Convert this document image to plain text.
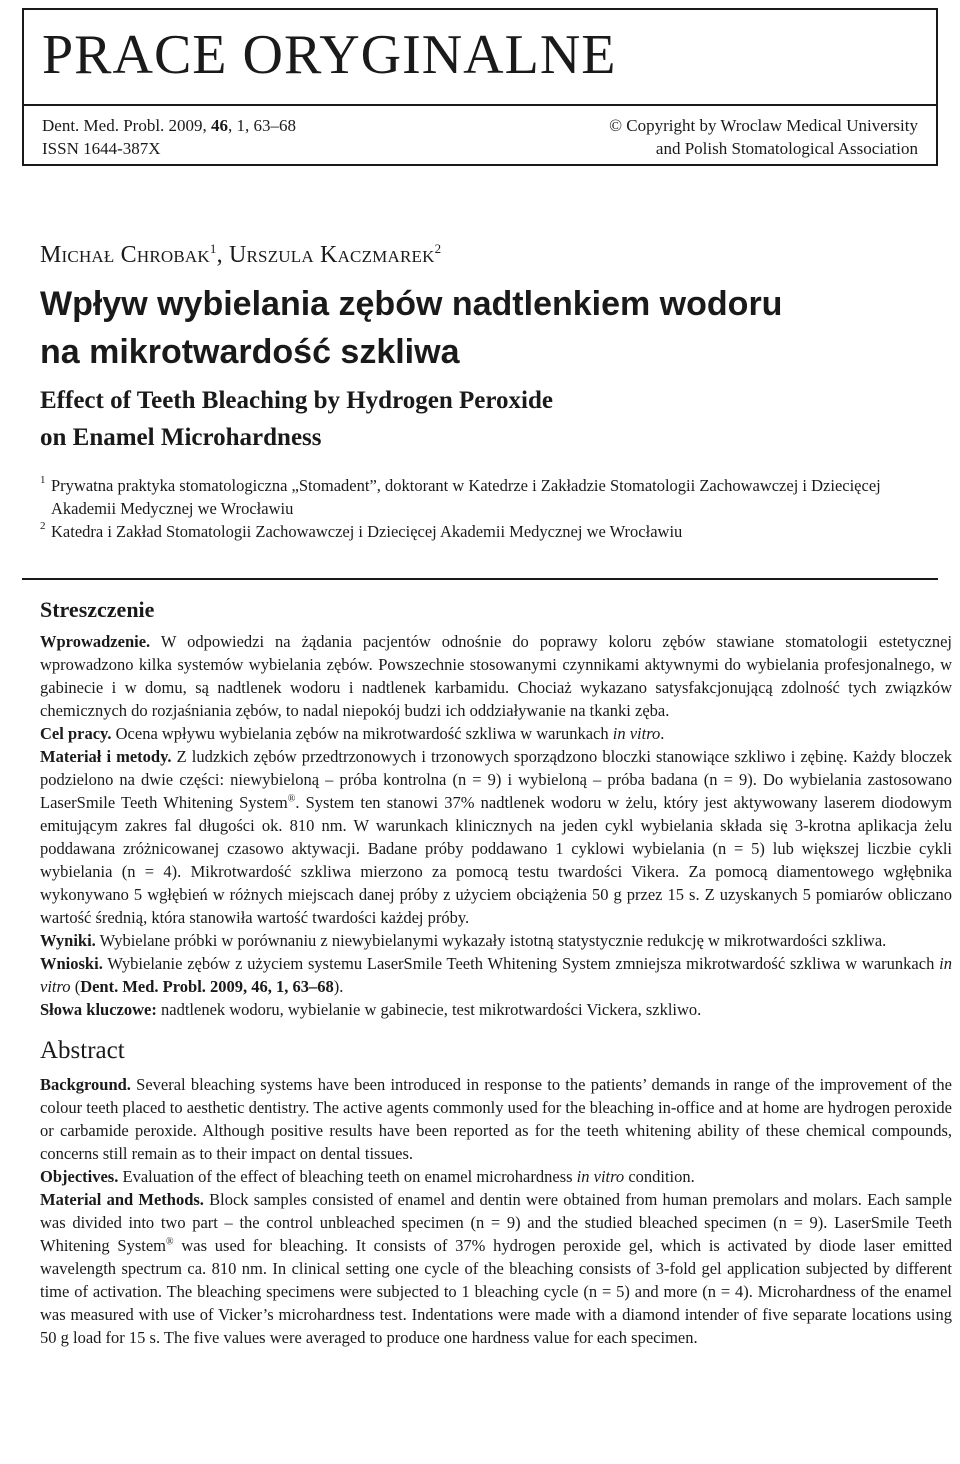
PRACE ORYGINALNE
Dent. Med. Probl. 2009, 46, 1, 63–68
ISSN 1644-387X
© Copyright by Wroclaw Medical University
and Polish Stomatological Association
Michał Chrobak$^1$, Urszula Kaczmarek$^2$
Wpływ wybielania zębów nadtlenkiem wodoru
na mikrotwardość szkliwa
Effect of Teeth Bleaching by Hydrogen Peroxide
on Enamel Microhardness
1 Prywatna praktyka stomatologiczna „Stomadent”, doktorant w Katedrze i Zakładzie Stomatologii Zachowawczej i Dziecięcej Akademii Medycznej we Wrocławiu
2 Katedra i Zakład Stomatologii Zachowawczej i Dziecięcej Akademii Medycznej we Wrocławiu
Streszczenie

Wprowadzenie. W odpowiedzi na żądania pacjentów odnośnie do poprawy koloru zębów stawiane stomatologii estetycznej wprowadzono kilka systemów wybielania zębów. Powszechnie stosowanymi czynnikami aktywnymi do wybielania profesjonalnego, w gabinecie i w domu, są nadtlenek wodoru i nadtlenek karbamidu. Chociaż wykazano satysfakcjonującą zdolność tych związków chemicznych do rozjaśniania zębów, to nadal niepokój budzi ich oddziaływanie na tkanki zęba.

Cel pracy. Ocena wpływu wybielania zębów na mikrotwardość szkliwa w warunkach in vitro.

Materiał i metody. Z ludzkich zębów przedtrzonowych i trzonowych sporządzono bloczki stanowiące szkliwo i zębinę. Każdy bloczek podzielono na dwie części: niewybieloną – próba kontrolna (n = 9) i wybieloną – próba badana (n = 9). Do wybielania zastosowano LaserSmile Teeth Whitening System®. System ten stanowi 37% nadtlenek wodoru w żelu, który jest aktywowany laserem diodowym emitującym zakres fal długości ok. 810 nm. W warunkach klinicznych na jeden cykl wybielania składa się 3-krotna aplikacja żelu poddawana zróżnicowanej czasowo aktywacji. Badane próby poddawano 1 cyklowi wybielania (n = 5) lub większej liczbie cykli wybielania (n = 4). Mikrotwardość szkliwa mierzono za pomocą testu twardości Vikera. Za pomocą diamentowego wgłębnika wykonywano 5 wgłębień w różnych miejscach danej próby z użyciem obciążenia 50 g przez 15 s. Z uzyskanych 5 pomiarów obliczano wartość średnią, która stanowiła wartość twardości każdej próby.

Wyniki. Wybielane próbki w porównaniu z niewybielanymi wykazały istotną statystycznie redukcję w mikrotwardości szkliwa.

Wnioski. Wybielanie zębów z użyciem systemu LaserSmile Teeth Whitening System zmniejsza mikrotwardość szkliwa w warunkach in vitro (Dent. Med. Probl. 2009, 46, 1, 63–68).

Słowa kluczowe: nadtlenek wodoru, wybielanie w gabinecie, test mikrotwardości Vickera, szkliwo.

Abstract

Background. Several bleaching systems have been introduced in response to the patients’ demands in range of the improvement of the colour teeth placed to aesthetic dentistry. The active agents commonly used for the bleaching in-office and at home are hydrogen peroxide or carbamide peroxide. Although positive results have been reported as for the teeth whitening ability of these chemical compounds, concerns still remain as to their impact on dental tissues.

Objectives. Evaluation of the effect of bleaching teeth on enamel microhardness in vitro condition.

Material and Methods. Block samples consisted of enamel and dentin were obtained from human premolars and molars. Each sample was divided into two part – the control unbleached specimen (n = 9) and the studied bleached specimen (n = 9). LaserSmile Teeth Whitening System® was used for bleaching. It consists of 37% hydrogen peroxide gel, which is activated by diode laser emitted wavelength spectrum ca. 810 nm. In clinical setting one cycle of the bleaching consists of 3-fold gel application subjected by different time of activation. The bleaching specimens were subjected to 1 bleaching cycle (n = 5) and more (n = 4). Microhardness of the enamel was measured with use of Vicker’s microhardness test. Indentations were made with a diamond intender of five separate locations using 50 g load for 15 s. The five values were averaged to produce one hardness value for each specimen.
